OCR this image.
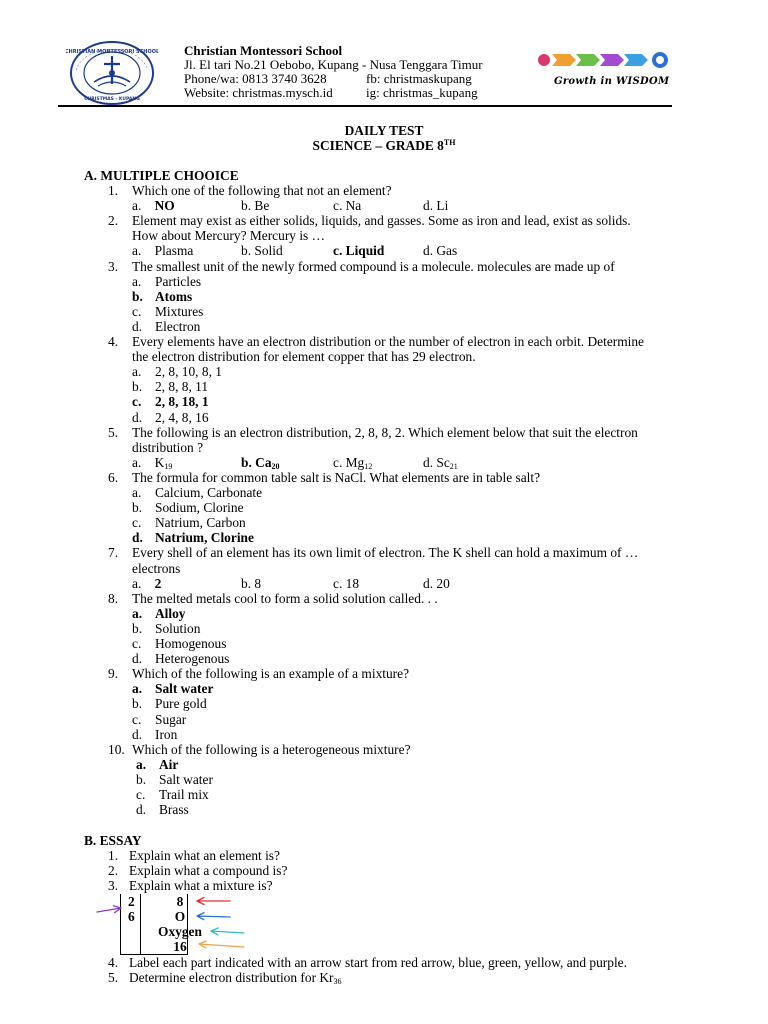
CHRISTIAN MONTESSORI SCHOOL
CHRISTMAS - KUPANG
Christian Montessori School
Jl. El tari No.21 Oebobo, Kupang - Nusa Tenggara Timur
Phone/wa: 0813 3740 3628	fb: christmaskupang
Website: christmas.mysch.id	ig: christmas_kupang
Growth in WISDOM
DAILY TEST
SCIENCE – GRADE 8TH
A. MULTIPLE CHOOICE
1.	Which one of the following that not an element?
a. NO	b. Be	c. Na	d. Li
2.	Element may exist as either solids, liquids, and gasses. Some as iron and lead, exist as solids.
How about Mercury? Mercury is …
a. Plasma	b. Solid	c. Liquid	d. Gas
3.	The smallest unit of the newly formed compound is a molecule. molecules are made up of
a. Particles
b. Atoms
c. Mixtures
d. Electron
4.	Every elements have an electron distribution or the number of electron in each orbit. Determine
the electron distribution for element copper that has 29 electron.
a. 2, 8, 10, 8, 1
b. 2, 8, 8, 11
c. 2, 8, 18, 1
d. 2, 4, 8, 16
5.	The following is an electron distribution, 2, 8, 8, 2. Which element below that suit the electron
distribution ?
a. $K_{19}$	b. $Ca_{20}$	c. $Mg_{12}$	d. $Sc_{21}$
6.	The formula for common table salt is NaCl. What elements are in table salt?
a. Calcium, Carbonate
b. Sodium, Clorine
c. Natrium, Carbon
d. Natrium, Clorine
7.	Every shell of an element has its own limit of electron. The K shell can hold a maximum of …
electrons
a. 2	b. 8	c. 18	d. 20
8.	The melted metals cool to form a solid solution called. . .
a. Alloy
b. Solution
c. Homogenous
d. Heterogenous
9.	Which of the following is an example of a mixture?
a. Salt water
b. Pure gold
c. Sugar
d. Iron
10. Which of the following is a heterogeneous mixture?
a. Air
b. Salt water
c. Trail mix
d. Brass
B. ESSAY
1. Explain what an element is?
2. Explain what a compound is?
3. Explain what a mixture is?
4. Label each part indicated with an arrow start from red arrow, blue, green, yellow, and purple.
5. Determine electron distribution for $Kr_{36}$
2
6
8
O
Oxygen
16
